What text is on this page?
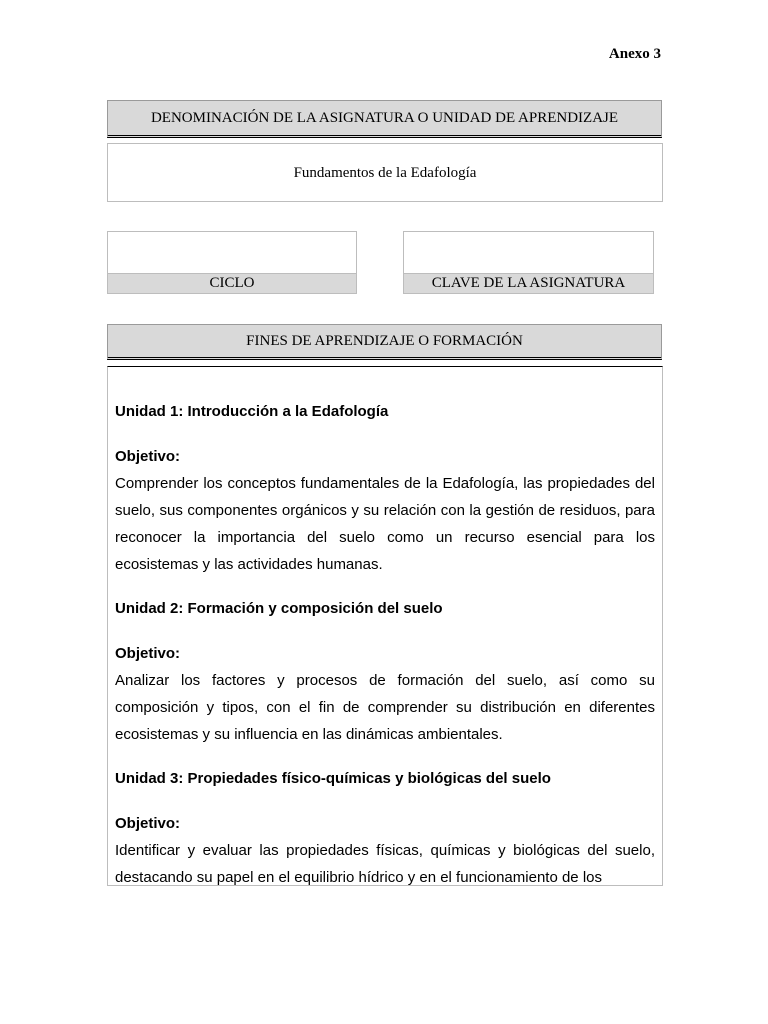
Anexo 3
DENOMINACIÓN DE LA ASIGNATURA O UNIDAD DE APRENDIZAJE
Fundamentos de la Edafología
CICLO	CLAVE DE LA ASIGNATURA
FINES DE APRENDIZAJE O FORMACIÓN

Unidad 1: Introducción a la Edafología

Objetivo:

Comprender los conceptos fundamentales de la Edafología, las propiedades del suelo, sus componentes orgánicos y su relación con la gestión de residuos, para reconocer la importancia del suelo como un recurso esencial para los ecosistemas y las actividades humanas.

Unidad 2: Formación y composición del suelo

Objetivo:

Analizar los factores y procesos de formación del suelo, así como su composición y tipos, con el fin de comprender su distribución en diferentes ecosistemas y su influencia en las dinámicas ambientales.

Unidad 3: Propiedades físico-químicas y biológicas del suelo

Objetivo:

Identificar y evaluar las propiedades físicas, químicas y biológicas del suelo, destacando su papel en el equilibrio hídrico y en el funcionamiento de los
